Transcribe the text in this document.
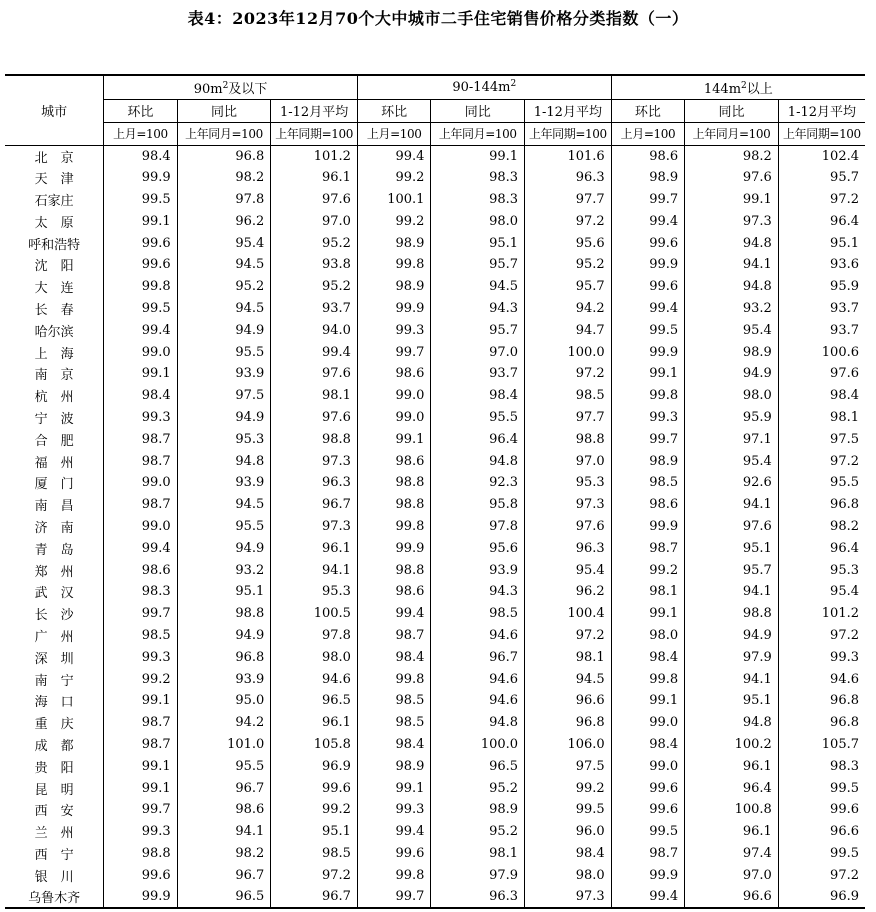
表4：2023年12月70个大中城市二手住宅销售价格分类指数（一）
城市	$90m^2$及以下			$90-144m^2$			$144m^2$以上		
	环比	同比	1-12月平均	环比	同比	1-12月平均	环比	同比	1-12月平均
	上月=100	上年同月=100	上年同期=100	上月=100	上年同月=100	上年同期=100	上月=100	上年同月=100	上年同期=100
北　京	98.4	96.8	101.2	99.4	99.1	101.6	98.6	98.2	102.4
天　津	99.9	98.2	96.1	99.2	98.3	96.3	98.9	97.6	95.7
石家庄	99.5	97.8	97.6	100.1	98.3	97.7	99.7	99.1	97.2
太　原	99.1	96.2	97.0	99.2	98.0	97.2	99.4	97.3	96.4
呼和浩特	99.6	95.4	95.2	98.9	95.1	95.6	99.6	94.8	95.1
沈　阳	99.6	94.5	93.8	99.8	95.7	95.2	99.9	94.1	93.6
大　连	99.8	95.2	95.2	98.9	94.5	95.7	99.6	94.8	95.9
长　春	99.5	94.5	93.7	99.9	94.3	94.2	99.4	93.2	93.7
哈尔滨	99.4	94.9	94.0	99.3	95.7	94.7	99.5	95.4	93.7
上　海	99.0	95.5	99.4	99.7	97.0	100.0	99.9	98.9	100.6
南　京	99.1	93.9	97.6	98.6	93.7	97.2	99.1	94.9	97.6
杭　州	98.4	97.5	98.1	99.0	98.4	98.5	99.8	98.0	98.4
宁　波	99.3	94.9	97.6	99.0	95.5	97.7	99.3	95.9	98.1
合　肥	98.7	95.3	98.8	99.1	96.4	98.8	99.7	97.1	97.5
福　州	98.7	94.8	97.3	98.6	94.8	97.0	98.9	95.4	97.2
厦　门	99.0	93.9	96.3	98.8	92.3	95.3	98.5	92.6	95.5
南　昌	98.7	94.5	96.7	98.8	95.8	97.3	98.6	94.1	96.8
济　南	99.0	95.5	97.3	99.8	97.8	97.6	99.9	97.6	98.2
青　岛	99.4	94.9	96.1	99.9	95.6	96.3	98.7	95.1	96.4
郑　州	98.6	93.2	94.1	98.8	93.9	95.4	99.2	95.7	95.3
武　汉	98.3	95.1	95.3	98.6	94.3	96.2	98.1	94.1	95.4
长　沙	99.7	98.8	100.5	99.4	98.5	100.4	99.1	98.8	101.2
广　州	98.5	94.9	97.8	98.7	94.6	97.2	98.0	94.9	97.2
深　圳	99.3	96.8	98.0	98.4	96.7	98.1	98.4	97.9	99.3
南　宁	99.2	93.9	94.6	99.8	94.6	94.5	99.8	94.1	94.6
海　口	99.1	95.0	96.5	98.5	94.6	96.6	99.1	95.1	96.8
重　庆	98.7	94.2	96.1	98.5	94.8	96.8	99.0	94.8	96.8
成　都	98.7	101.0	105.8	98.4	100.0	106.0	98.4	100.2	105.7
贵　阳	99.1	95.5	96.9	98.9	96.5	97.5	99.0	96.1	98.3
昆　明	99.1	96.7	99.6	99.1	95.2	99.2	99.6	96.4	99.5
西　安	99.7	98.6	99.2	99.3	98.9	99.5	99.6	100.8	99.6
兰　州	99.3	94.1	95.1	99.4	95.2	96.0	99.5	96.1	96.6
西　宁	98.8	98.2	98.5	99.6	98.1	98.4	98.7	97.4	99.5
银　川	99.6	96.7	97.2	99.8	97.9	98.0	99.9	97.0	97.2
乌鲁木齐	99.9	96.5	96.7	99.7	96.3	97.3	99.4	96.6	96.9
